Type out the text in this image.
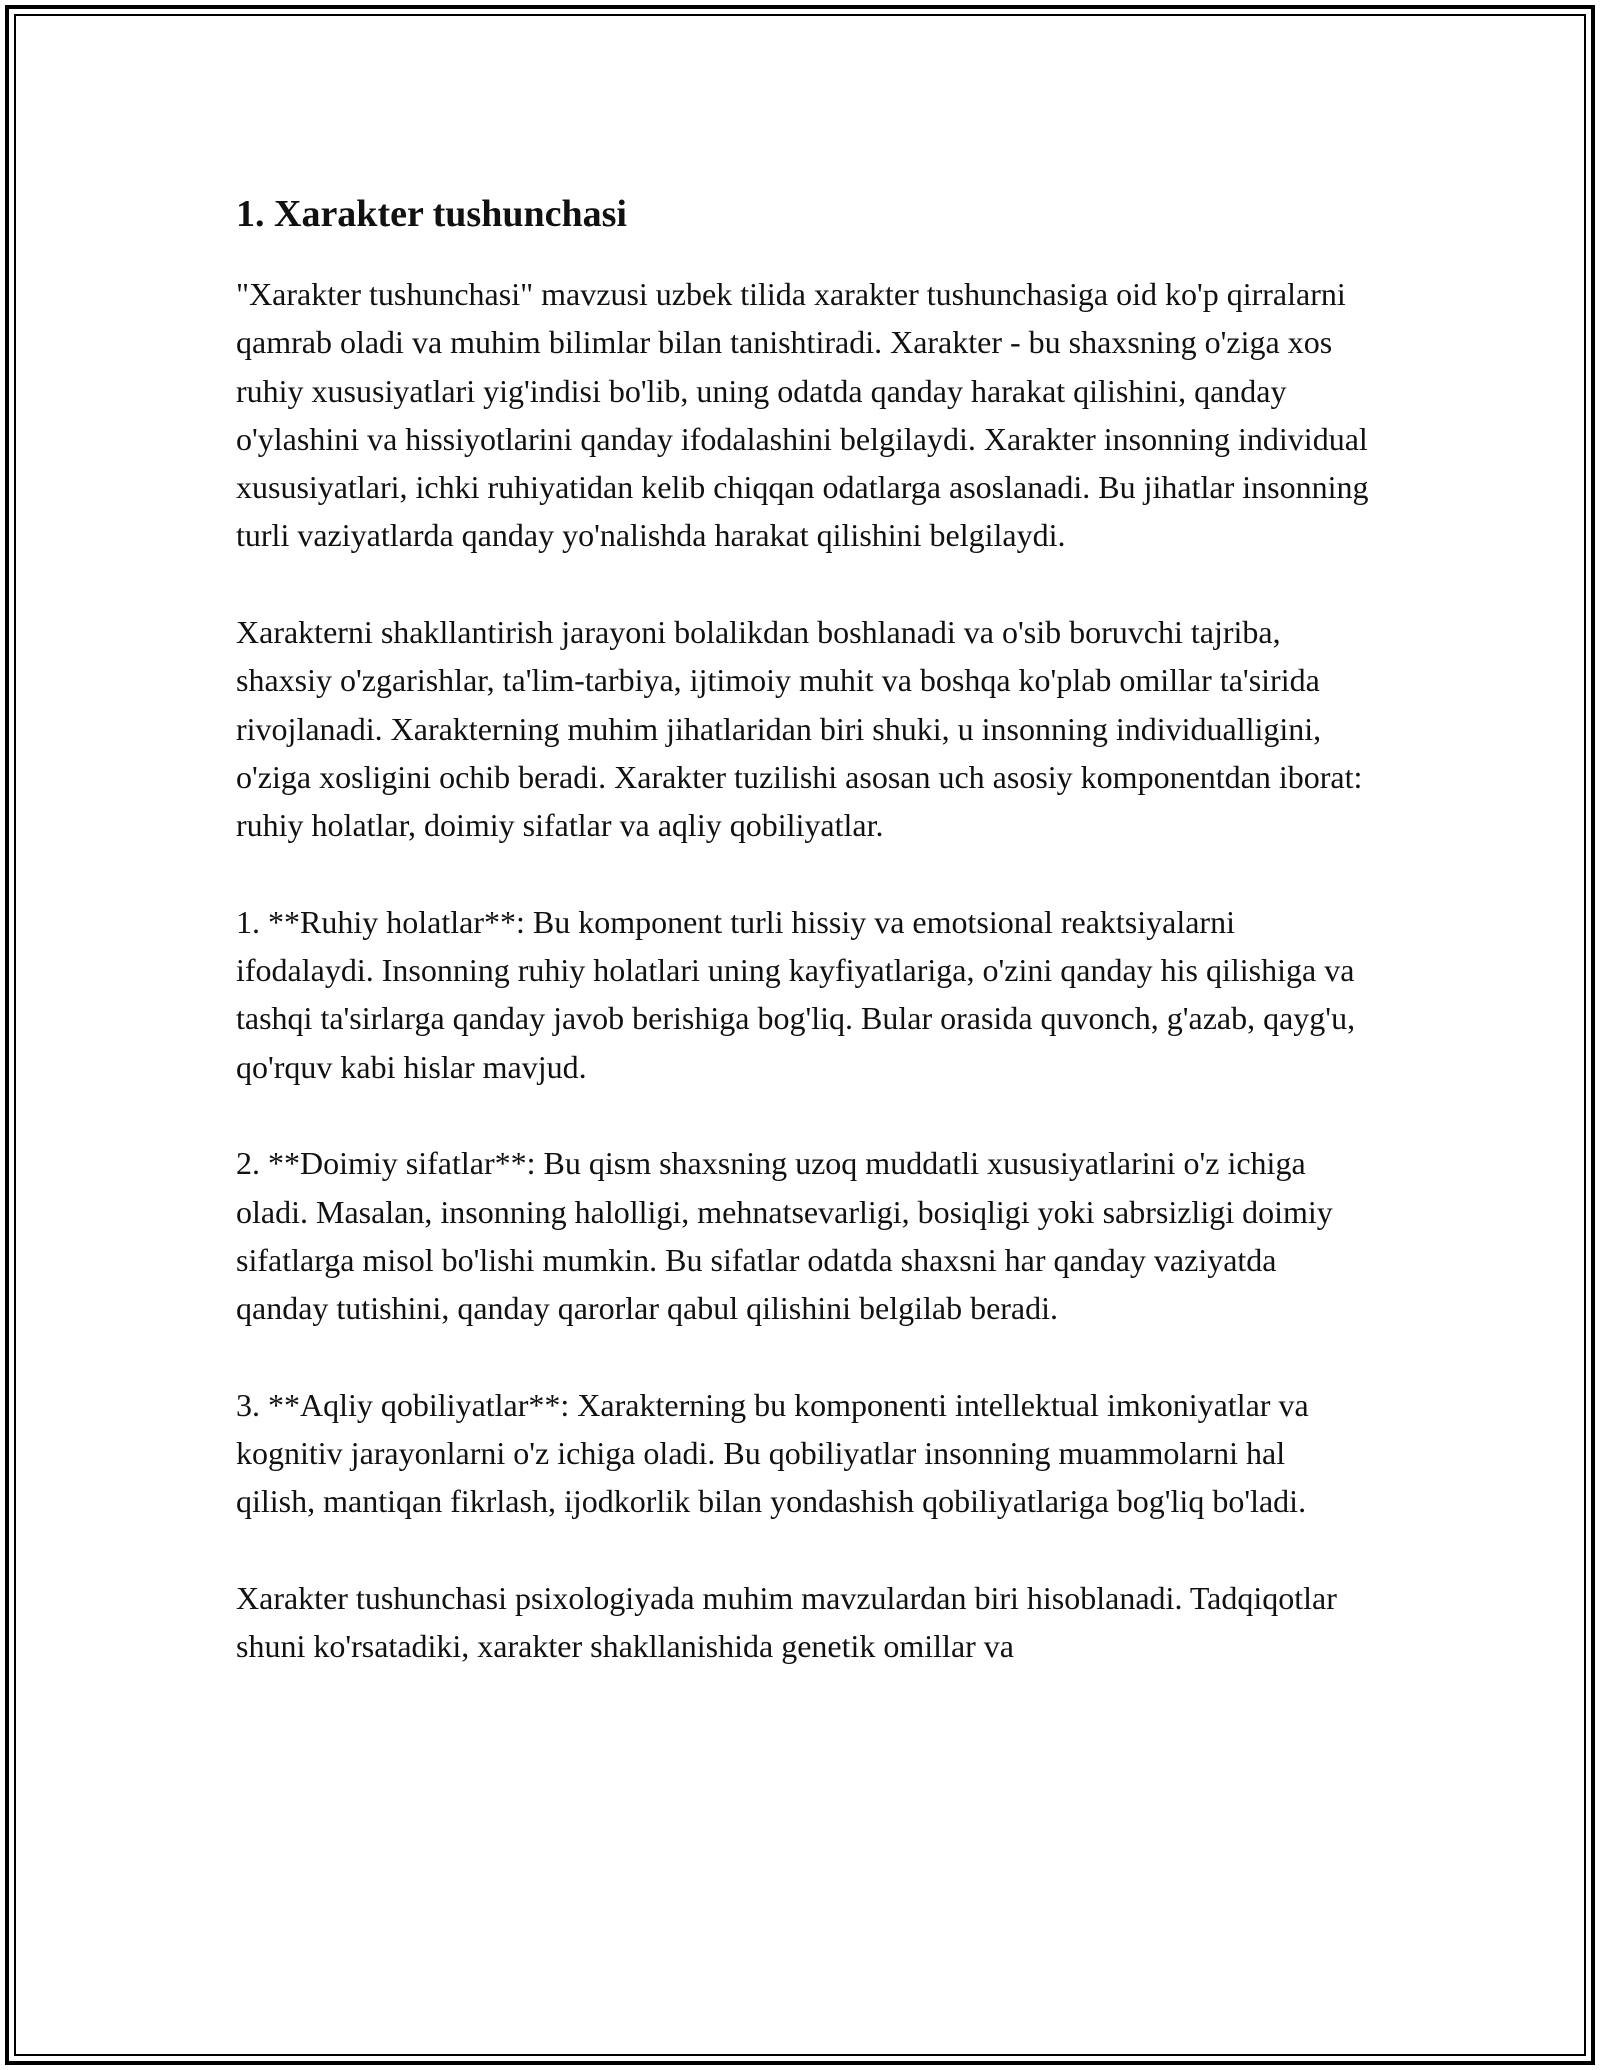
1. Xarakter tushunchasi

"Xarakter tushunchasi" mavzusi uzbek tilida xarakter tushunchasiga oid ko'p qirralarni qamrab oladi va muhim bilimlar bilan tanishtiradi. Xarakter - bu shaxsning o'ziga xos ruhiy xususiyatlari yig'indisi bo'lib, uning odatda qanday harakat qilishini, qanday o'ylashini va hissiyotlarini qanday ifodalashini belgilaydi. Xarakter insonning individual xususiyatlari, ichki ruhiyatidan kelib chiqqan odatlarga asoslanadi. Bu jihatlar insonning turli vaziyatlarda qanday yo'nalishda harakat qilishini belgilaydi.

Xarakterni shakllantirish jarayoni bolalikdan boshlanadi va o'sib boruvchi tajriba, shaxsiy o'zgarishlar, ta'lim-tarbiya, ijtimoiy muhit va boshqa ko'plab omillar ta'sirida rivojlanadi. Xarakterning muhim jihatlaridan biri shuki, u insonning individualligini, o'ziga xosligini ochib beradi. Xarakter tuzilishi asosan uch asosiy komponentdan iborat: ruhiy holatlar, doimiy sifatlar va aqliy qobiliyatlar.

1. **Ruhiy holatlar**: Bu komponent turli hissiy va emotsional reaktsiyalarni ifodalaydi. Insonning ruhiy holatlari uning kayfiyatlariga, o'zini qanday his qilishiga va tashqi ta'sirlarga qanday javob berishiga bog'liq. Bular orasida quvonch, g'azab, qayg'u, qo'rquv kabi hislar mavjud.

2. **Doimiy sifatlar**: Bu qism shaxsning uzoq muddatli xususiyatlarini o'z ichiga oladi. Masalan, insonning halolligi, mehnatsevarligi, bosiqligi yoki sabrsizligi doimiy sifatlarga misol bo'lishi mumkin. Bu sifatlar odatda shaxsni har qanday vaziyatda qanday tutishini, qanday qarorlar qabul qilishini belgilab beradi.

3. **Aqliy qobiliyatlar**: Xarakterning bu komponenti intellektual imkoniyatlar va kognitiv jarayonlarni o'z ichiga oladi. Bu qobiliyatlar insonning muammolarni hal qilish, mantiqan fikrlash, ijodkorlik bilan yondashish qobiliyatlariga bog'liq bo'ladi.

Xarakter tushunchasi psixologiyada muhim mavzulardan biri hisoblanadi. Tadqiqotlar shuni ko'rsatadiki, xarakter shakllanishida genetik omillar va
